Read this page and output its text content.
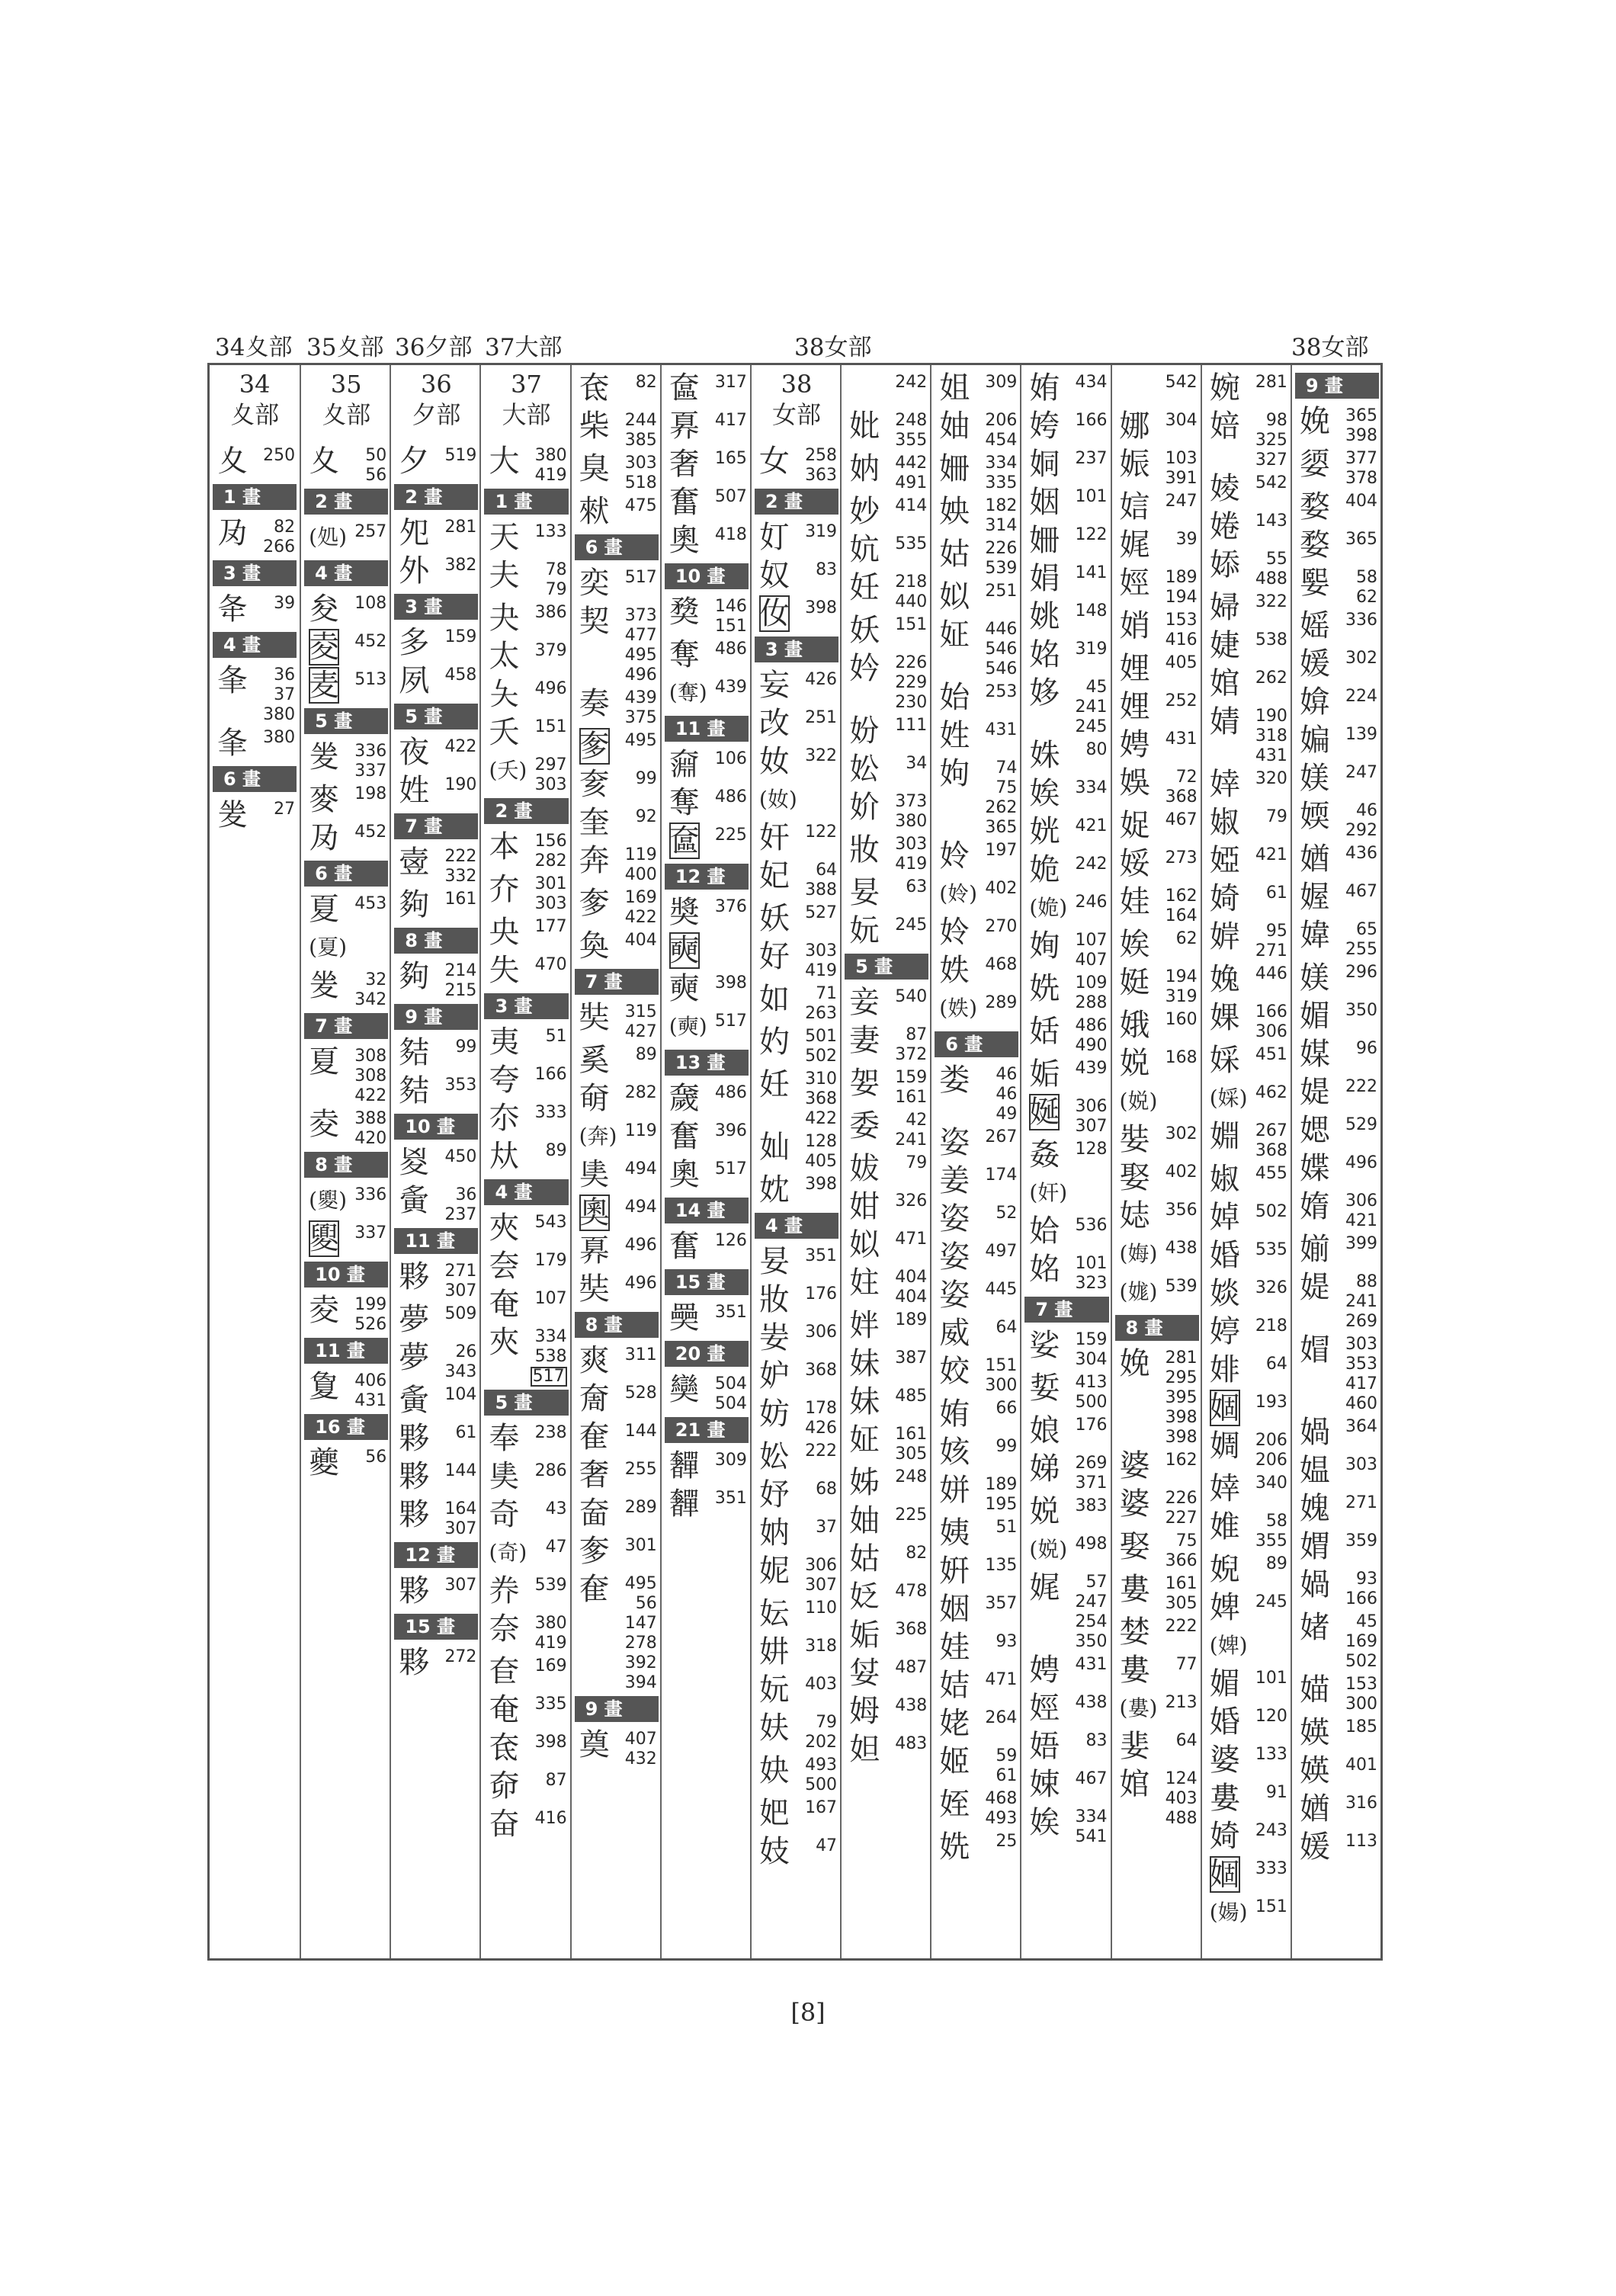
34夊部 35夊部 36夕部 37大部	38女部	38女部
34
夊部
夊 250
1 畫
夃 82
266
3 畫
夅 39
4 畫
夆 36
37
380
夆 380
6 畫
夎 27
35
夊部
夊 50
56
2 畫
(処) 257
4 畫
夋 108
夌 452
麦 513
5 畫
夎 336
337
麥 198
夃 452
6 畫
夏 453
(夏)
夎 32
342
7 畫
夏 308
308
422
夌 388
420
8 畫
(夓) 336
夓 337
10 畫
夌 199
526
11 畫
夐 406
431
16 畫
夔 56
36
夕部
夕 519
2 畫
夗 281
外 382
3 畫
多 159
夙 458
5 畫
夜 422
姓 190
7 畫
㚃 222
332
夠 161
8 畫
夠 214
215
9 畫
夡 99
夡 353
10 畫
㚇 450
夤 36
237
11 畫
夥 271
307
夢 509
夢 26
343
夤 104
夥 61
夥 144
夥 164
307
12 畫
夥 307
15 畫
夥 272
37
大部
大 380
419
1 畫
天 133
夫 78
79
夬 386
太 379
夨 496
夭 151
(夭) 297
303
2 畫
本 156
282
夰 301
303
央 177
失 470
3 畫
夷 51
夸 166
夵 333
夶 89
4 畫
夾 543
夽 179
奄 107
夾 334
538
517
5 畫
奉 238
奊 286
奇 43
(奇) 47
奍 539
奈 380
419
奆 169
奄 335
奃 398
奅 87
奋 416
奃 82
柴 244
385
臭 303
518
猌 475
6 畫
奕 517
契 373
477
495
496
奏 439
375
奓 495
奒 99
奎 92
奔 119
400
奓 169
422
奐 404
7 畫
奘 315
427
奚 89
奛 282
(奔) 119
奊 494
奧 494
奡 496
奘 496
8 畫
爽 311
奝 528
奞 144
奢 255
奤 289
奓 301
奞 495
56
147
278
392
394
9 畫
奠 407
432
奩 317
奡 417
奢 165
奮 507
奧 418
10 畫
奦 146
151
奪 486
(奪) 439
11 畫
奫 106
奪 486
奩 225
12 畫
奬 376
奭
奭 398
(奭) 517
13 畫
奯 486
奮 396
奧 517
14 畫
奮 126
15 畫
奰 351
20 畫
奱 504
504
21 畫
奲 309
奲 351
38
女部
女 258
363
2 畫
奵 319
奴 83
㚢 398
3 畫
妄 426
改 251
奻 322
(奻)
奸 122
妃 64
388
妖 527
好 303
419
如 71
263
妁 501
502
妊 310
368
422
奾 128
405
妉 398
4 畫
妟 351
妝 176
妛 306
妒 368
妨 178
426
妐 222
妤 68
妠 37
妮 306
307
妘 110
妌 318
妧 403
妋 79
202
妜 493
500
妑 167
妓 47
242
妣 248
355
妠 442
491
妙 414
妔 535
妊 218
440
妖 151
妗 226
229
230
妢 111
妐 34
妎 373
380
妝 303
419
妟 63
妧 245
5 畫
妾 540
妻 87
372
妿 159
161
委 42
241
妭 79
姏 326
姒 471
妵 404
404
姅 189
妹 387
妹 485
姃 161
305
姊 248
妯 225
姑 82
姂 478
姤 368
姇 487
姆 438
妲 483
姐 309
妯 206
454
姍 334
335
姎 182
314
姑 226
539
姒 251
姃 446
546
546
始 253
姓 431
姁 74
75
262
365
姈 197
(姈) 402
姈 270
妷 468
(妷) 289
6 畫
娄 46
46
49
姿 267
姜 174
姿 52
姿 497
姿 445
威 64
姣 151
300
姷 66
姟 99
姘 189
195
姨 51
姸 135
姻 357
娃 93
姞 471
姥 264
姬 59
61
姪 468
493
姺 25
姷 434
姱 166
姛 237
姻 101
姍 122
娟 141
姚 148
姳 319
姼 45
241
245
姝 80
娭 334
姯 421
姽 242
(姽) 246
姰 107
407
姺 109
288
姡 486
490
姤 439
娫 306
307
姦 128
(奸)
姶 536
姳 101
323
7 畫
娑 159
304
娎 413
500
娘 176
娣 269
371
娧 383
(娧) 498
娓 57
247
254
350
娉 431
娙 438
娪 83
娕 467
娭 334
541
542
娜 304
娠 103
391
娮 247
娓 39
娙 189
194
娋 153
416
娌 405
娌 252
娉 431
娛 72
368
娖 467
娞 273
娃 162
164
娭 62
娗 194
319
娥 160
娧 168
(娧)
娤 302
娶 402
娡 356
(娒) 438
(娏) 539
8 畫
娩 281
295
395
398
398
婆 162
婆 226
227
娶 75
366
婁 161
305
婪 222
婁 77
(婁) 213
婓 64
婠 124
403
488
婉 281
婄 98
325
327
婈 542
婘 143
婖 55
488
婦 322
婕 538
婠 262
婧 190
318
431
婞 320
婌 79
婭 421
婍 61
婩 95
271
婏 446
婐 166
306
婇 451
(婇) 462
婣 267
368
婌 455
婥 502
婚 535
婒 326
婷 218
婔 64
婟 193
婤 206
206
婞 340
婎 58
355
婗 89
婢 245
(婢)
媚 101
婚 120
婆 133
婁 91
婍 243
婟 333
(婸) 151
9 畫
娩 365
398
媭 377
378
婺 404
婺 365
媐 58
62
媱 336
媛 302
媕 224
媥 139
媄 247
媆 46
292
媨 436
媉 467
媁 65
255
媄 296
媚 350
媒 96
媞 222
媤 529
媟 496
媠 306
421
媊 399
媞 88
241
269
媢 303
353
417
460
媧 364
媪 303
媿 271
媦 359
媧 93
166
媎 45
169
502
媌 153
300
媖 185
媖 401
媨 316
媛 113
[8]
